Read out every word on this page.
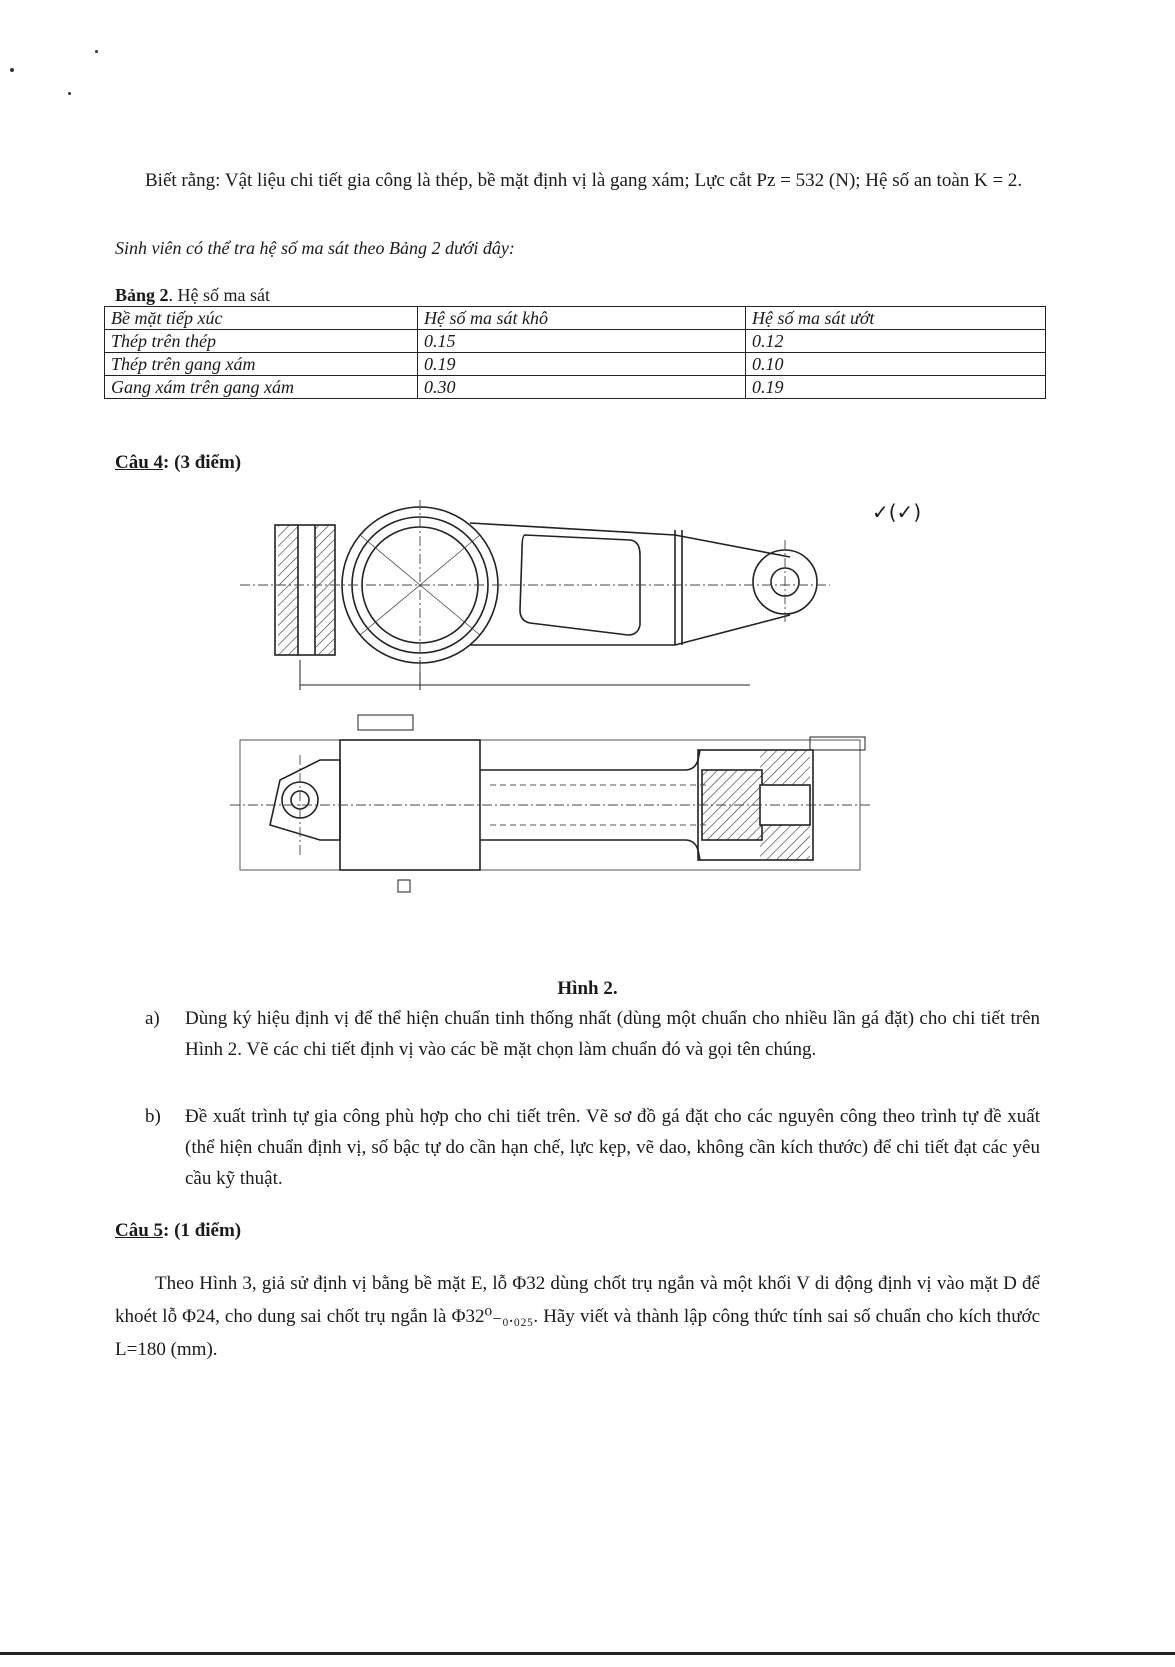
Biết rằng: Vật liệu chi tiết gia công là thép, bề mặt định vị là gang xám; Lực cắt Pz = 532 (N); Hệ số an toàn K = 2.
Sinh viên có thể tra hệ số ma sát theo Bảng 2 dưới đây:
Bảng 2. Hệ số ma sát
Bề mặt tiếp xúc	Hệ số ma sát khô	Hệ số ma sát ướt
Thép trên thép	0.15	0.12
Thép trên gang xám	0.19	0.10
Gang xám trên gang xám	0.30	0.19
Câu 4: (3 điểm)
✓(✓)
Hình 2.
a) Dùng ký hiệu định vị để thể hiện chuẩn tinh thống nhất (dùng một chuẩn cho nhiều lần gá đặt) cho chi tiết trên Hình 2. Vẽ các chi tiết định vị vào các bề mặt chọn làm chuẩn đó và gọi tên chúng.
b) Đề xuất trình tự gia công phù hợp cho chi tiết trên. Vẽ sơ đồ gá đặt cho các nguyên công theo trình tự đề xuất (thể hiện chuẩn định vị, số bậc tự do cần hạn chế, lực kẹp, vẽ dao, không cần kích thước) để chi tiết đạt các yêu cầu kỹ thuật.
Câu 5: (1 điểm)
Theo Hình 3, giả sử định vị bằng bề mặt E, lỗ Φ32 dùng chốt trụ ngắn và một khối V di động định vị vào mặt D để khoét lỗ Φ24, cho dung sai chốt trụ ngắn là Φ32⁰₋₀.₀₂₅. Hãy viết và thành lập công thức tính sai số chuẩn cho kích thước L=180 (mm).
